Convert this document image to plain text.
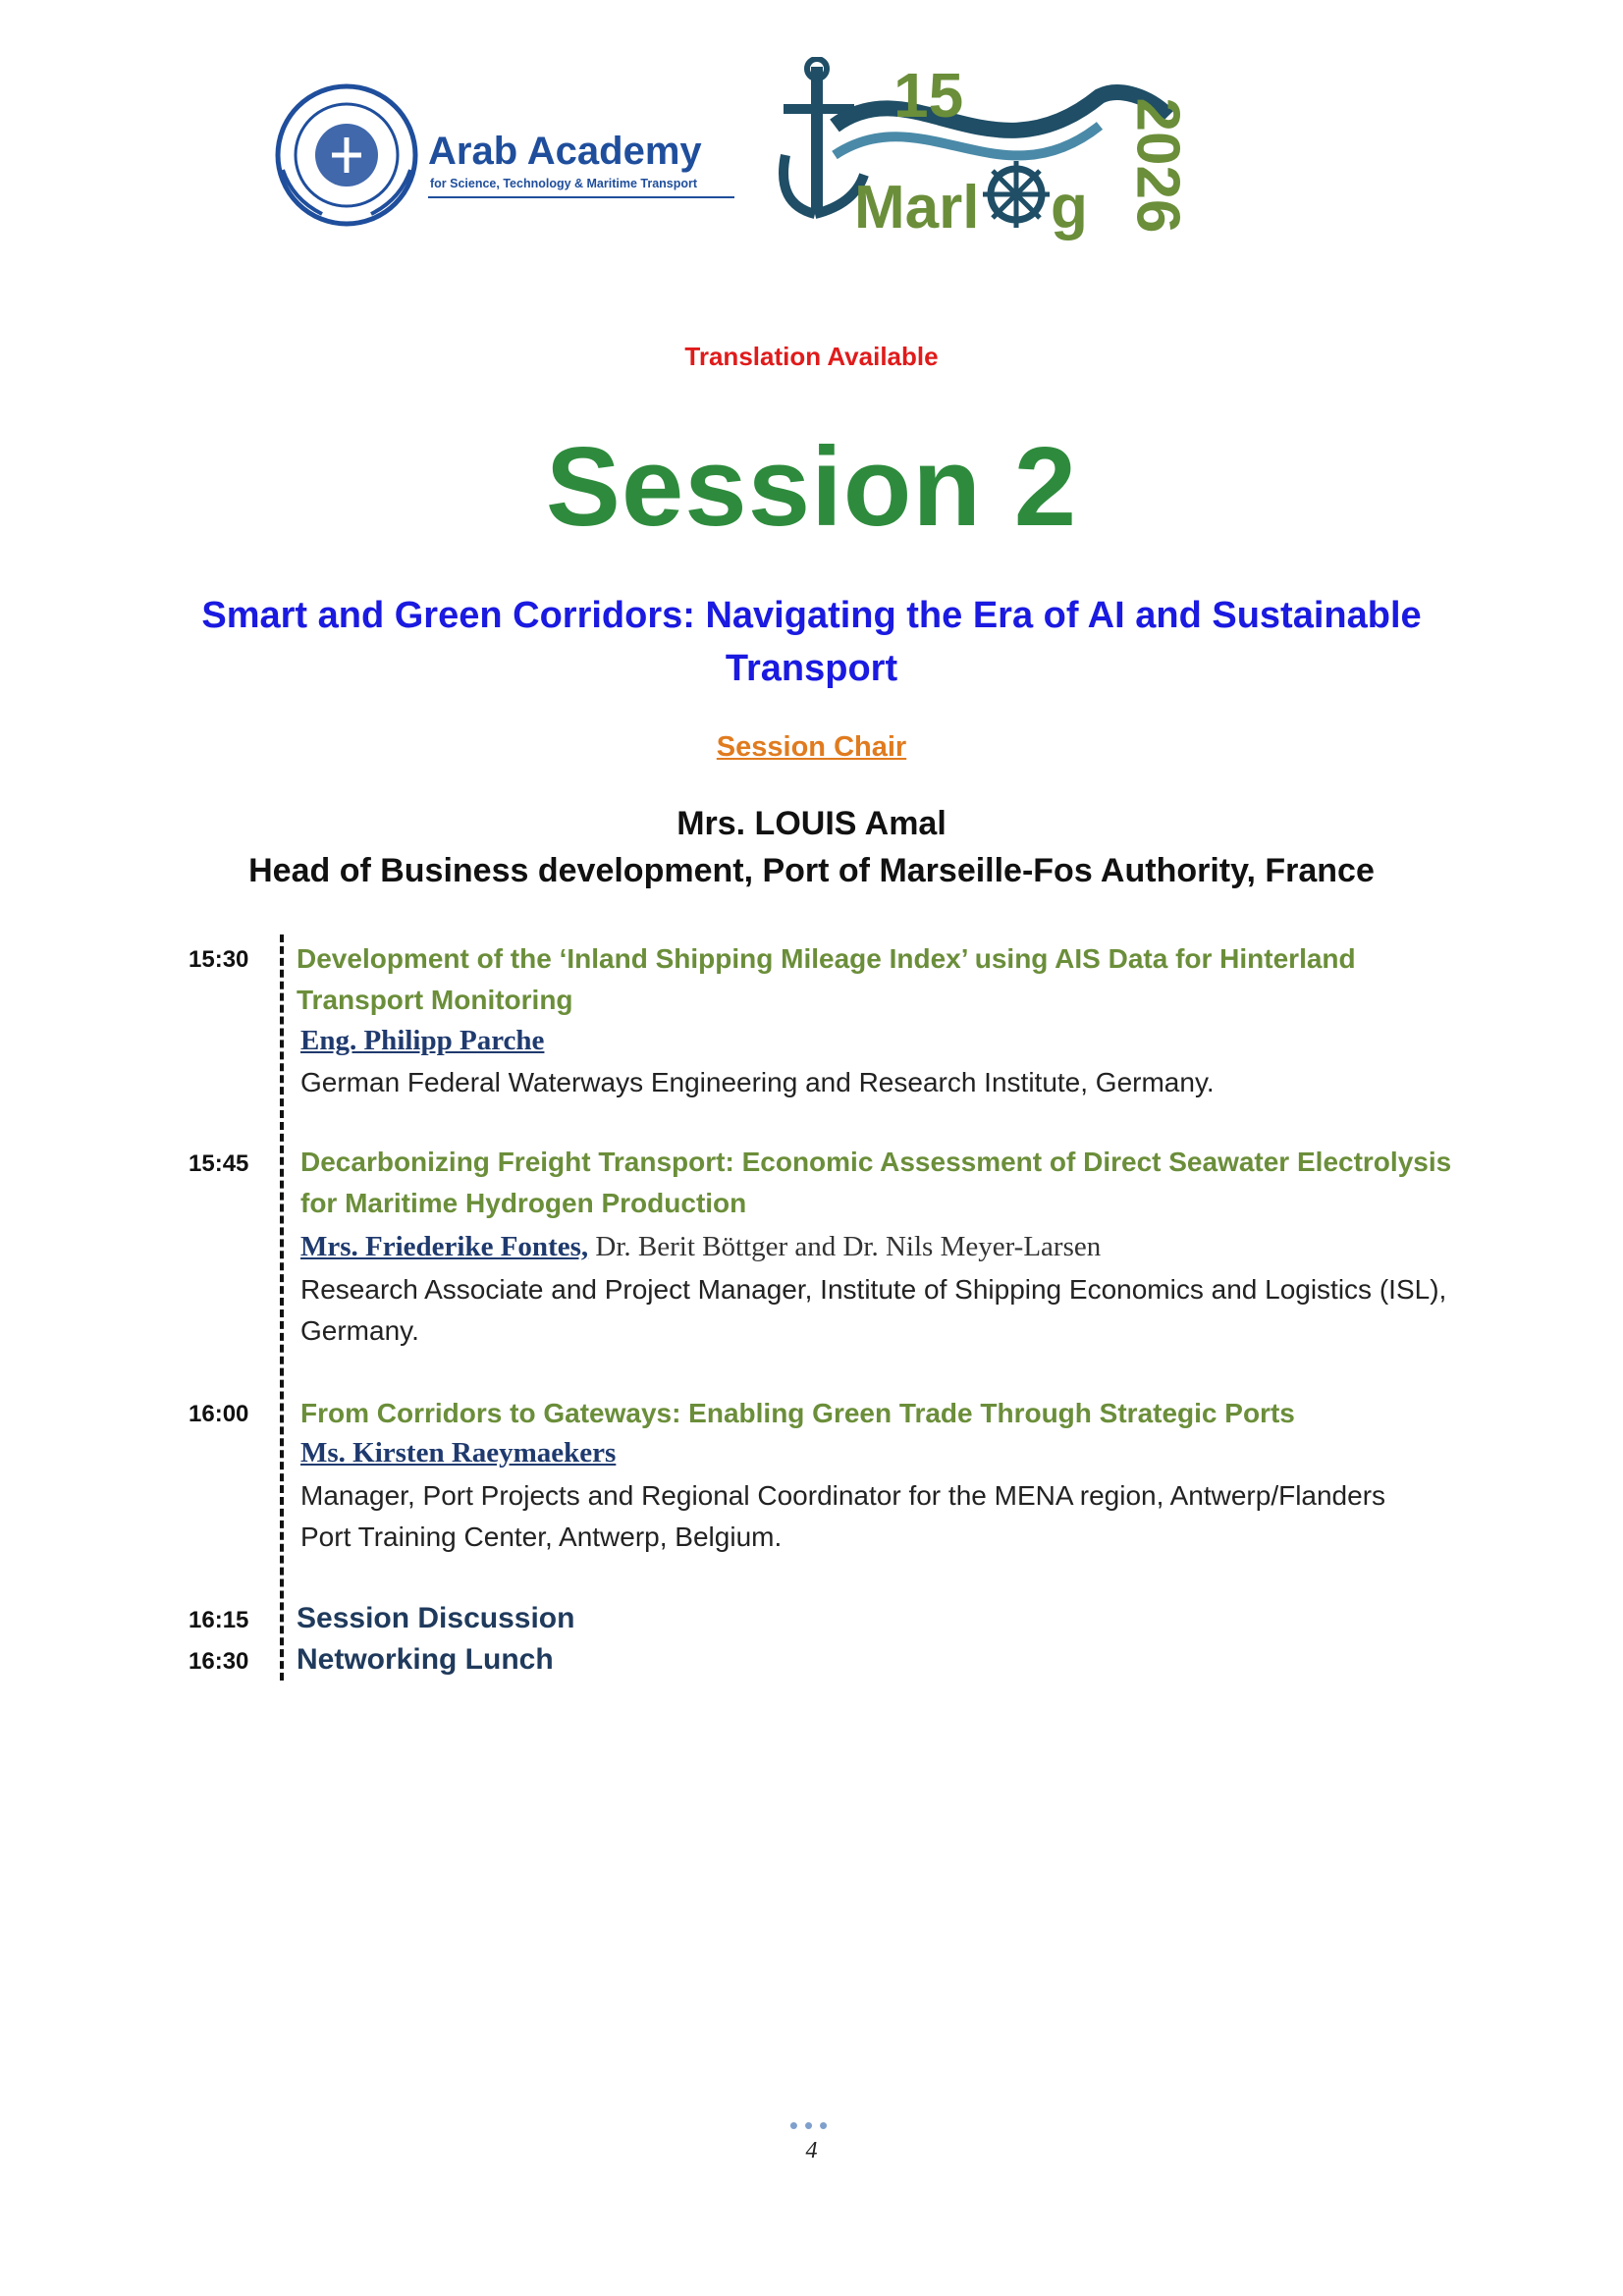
Arab Academy
for Science, Technology & Maritime Transport
15
Marl g 2026
Translation Available
Session 2
Smart and Green Corridors: Navigating the Era of AI and Sustainable Transport
Session Chair
Mrs. LOUIS Amal
Head of Business development, Port of Marseille-Fos Authority, France
15:30 Development of the ‘Inland Shipping Mileage Index’ using AIS Data for Hinterland Transport Monitoring
Eng. Philipp Parche
German Federal Waterways Engineering and Research Institute, Germany.
15:45 Decarbonizing Freight Transport: Economic Assessment of Direct Seawater Electrolysis for Maritime Hydrogen Production
Mrs. Friederike Fontes, Dr. Berit Böttger and Dr. Nils Meyer-Larsen
Research Associate and Project Manager, Institute of Shipping Economics and Logistics (ISL), Germany.
16:00 From Corridors to Gateways: Enabling Green Trade Through Strategic Ports
Ms. Kirsten Raeymaekers
Manager, Port Projects and Regional Coordinator for the MENA region, Antwerp/Flanders Port Training Center, Antwerp, Belgium.
16:15 Session Discussion
16:30 Networking Lunch
•••
4
